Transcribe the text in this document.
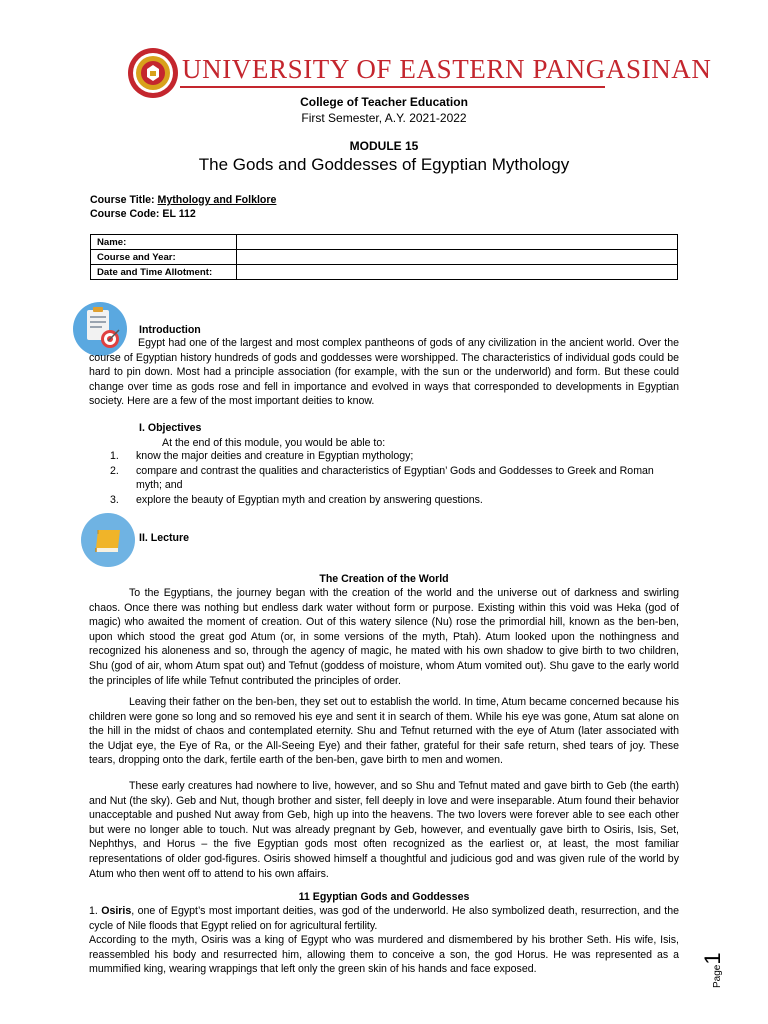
UNIVERSITY OF EASTERN PANGASINAN
College of Teacher Education
First Semester, A.Y. 2021-2022
MODULE 15
The Gods and Goddesses of Egyptian Mythology
Course Title: Mythology and Folklore
Course Code: EL 112
Name:	
Course and Year:	
Date and Time Allotment:	
Introduction
Egypt had one of the largest and most complex pantheons of gods of any civilization in the ancient world. Over the course of Egyptian history hundreds of gods and goddesses were worshipped. The characteristics of individual gods could be hard to pin down. Most had a principle association (for example, with the sun or the underworld) and form. But these could change over time as gods rose and fell in importance and evolved in ways that corresponded to developments in Egyptian society. Here are a few of the most important deities to know.
I. Objectives
At the end of this module, you would be able to:
1. know the major deities and creature in Egyptian mythology;
2. compare and contrast the qualities and characteristics of Egyptian’ Gods and Goddesses to Greek and Roman myth; and
3. explore the beauty of Egyptian myth and creation by answering questions.
II. Lecture
The Creation of the World
To the Egyptians, the journey began with the creation of the world and the universe out of darkness and swirling chaos. Once there was nothing but endless dark water without form or purpose. Existing within this void was Heka (god of magic) who awaited the moment of creation. Out of this watery silence (Nu) rose the primordial hill, known as the ben-ben, upon which stood the great god Atum (or, in some versions of the myth, Ptah). Atum looked upon the nothingness and recognized his aloneness and so, through the agency of magic, he mated with his own shadow to give birth to two children, Shu (god of air, whom Atum spat out) and Tefnut (goddess of moisture, whom Atum vomited out). Shu gave to the early world the principles of life while Tefnut contributed the principles of order.
Leaving their father on the ben-ben, they set out to establish the world. In time, Atum became concerned because his children were gone so long and so removed his eye and sent it in search of them. While his eye was gone, Atum sat alone on the hill in the midst of chaos and contemplated eternity. Shu and Tefnut returned with the eye of Atum (later associated with the Udjat eye, the Eye of Ra, or the All-Seeing Eye) and their father, grateful for their safe return, shed tears of joy. These tears, dropping onto the dark, fertile earth of the ben-ben, gave birth to men and women.
These early creatures had nowhere to live, however, and so Shu and Tefnut mated and gave birth to Geb (the earth) and Nut (the sky). Geb and Nut, though brother and sister, fell deeply in love and were inseparable. Atum found their behavior unacceptable and pushed Nut away from Geb, high up into the heavens. The two lovers were forever able to see each other but were no longer able to touch. Nut was already pregnant by Geb, however, and eventually gave birth to Osiris, Isis, Set, Nephthys, and Horus – the five Egyptian gods most often recognized as the earliest or, at least, the most familiar representations of older god-figures. Osiris showed himself a thoughtful and judicious god and was given rule of the world by Atum who then went off to attend to his own affairs.
11 Egyptian Gods and Goddesses
1. Osiris, one of Egypt’s most important deities, was god of the underworld. He also symbolized death, resurrection, and the cycle of Nile floods that Egypt relied on for agricultural fertility.
According to the myth, Osiris was a king of Egypt who was murdered and dismembered by his brother Seth. His wife, Isis, reassembled his body and resurrected him, allowing them to conceive a son, the god Horus. He was represented as a mummified king, wearing wrappings that left only the green skin of his hands and face exposed.	Page1
